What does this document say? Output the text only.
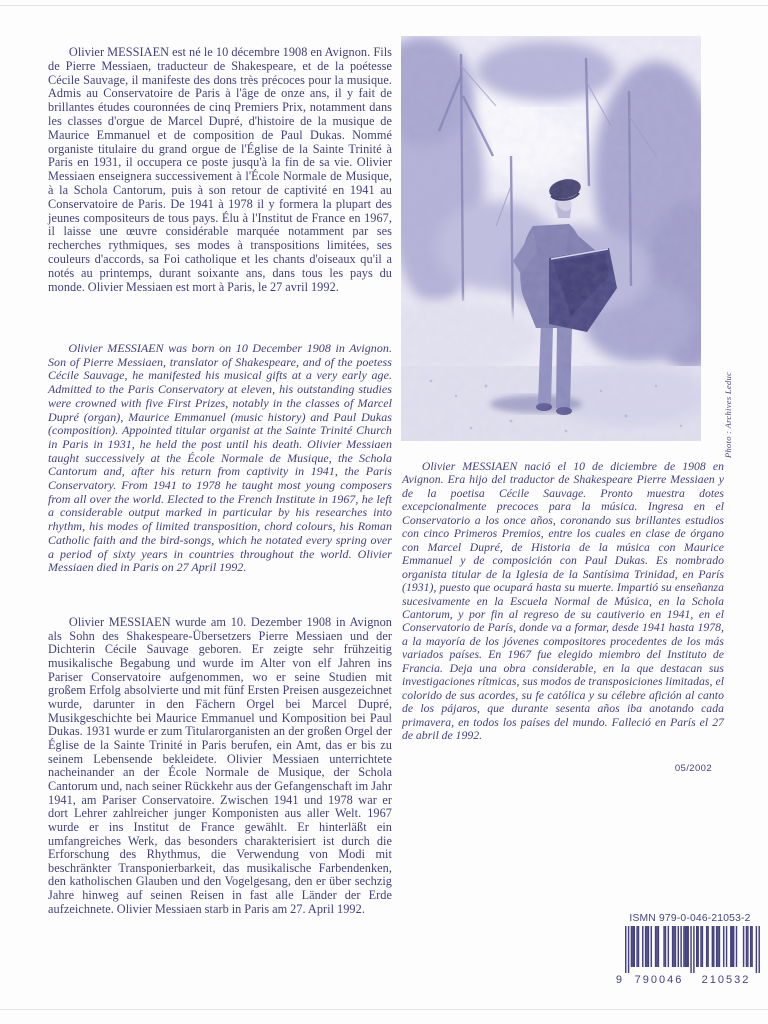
Olivier MESSIAEN est né le 10 décembre 1908 en Avignon. Fils de Pierre Messiaen, traducteur de Shakespeare, et de la poétesse Cécile Sauvage, il manifeste des dons très précoces pour la musique. Admis au Conservatoire de Paris à l'âge de onze ans, il y fait de brillantes études couronnées de cinq Premiers Prix, notamment dans les classes d'orgue de Marcel Dupré, d'histoire de la musique de Maurice Emmanuel et de composition de Paul Dukas. Nommé organiste titulaire du grand orgue de l'Église de la Sainte Trinité à Paris en 1931, il occupera ce poste jusqu'à la fin de sa vie. Olivier Messiaen enseignera successivement à l'École Normale de Musique, à la Schola Cantorum, puis à son retour de captivité en 1941 au Conservatoire de Paris. De 1941 à 1978 il y formera la plupart des jeunes compositeurs de tous pays. Élu à l'Institut de France en 1967, il laisse une œuvre considérable marquée notamment par ses recherches rythmiques, ses modes à transpositions limitées, ses couleurs d'accords, sa Foi catholique et les chants d'oiseaux qu'il a notés au printemps, durant soixante ans, dans tous les pays du monde. Olivier Messiaen est mort à Paris, le 27 avril 1992.

Olivier MESSIAEN was born on 10 December 1908 in Avignon. Son of Pierre Messiaen, translator of Shakespeare, and of the poetess Cécile Sauvage, he manifested his musical gifts at a very early age. Admitted to the Paris Conservatory at eleven, his outstanding studies were crowned with five First Prizes, notably in the classes of Marcel Dupré (organ), Maurice Emmanuel (music history) and Paul Dukas (composition). Appointed titular organist at the Sainte Trinité Church in Paris in 1931, he held the post until his death. Olivier Messiaen taught successively at the École Normale de Musique, the Schola Cantorum and, after his return from captivity in 1941, the Paris Conservatory. From 1941 to 1978 he taught most young composers from all over the world. Elected to the French Institute in 1967, he left a considerable output marked in particular by his researches into rhythm, his modes of limited transposition, chord colours, his Roman Catholic faith and the bird-songs, which he notated every spring over a period of sixty years in countries throughout the world. Olivier Messiaen died in Paris on 27 April 1992.

Olivier MESSIAEN wurde am 10. Dezember 1908 in Avignon als Sohn des Shakespeare-Übersetzers Pierre Messiaen und der Dichterin Cécile Sauvage geboren. Er zeigte sehr frühzeitig musikalische Begabung und wurde im Alter von elf Jahren ins Pariser Conservatoire aufgenommen, wo er seine Studien mit großem Erfolg absolvierte und mit fünf Ersten Preisen ausgezeichnet wurde, darunter in den Fächern Orgel bei Marcel Dupré, Musikgeschichte bei Maurice Emmanuel und Komposition bei Paul Dukas. 1931 wurde er zum Titularorganisten an der großen Orgel der Église de la Sainte Trinité in Paris berufen, ein Amt, das er bis zu seinem Lebensende bekleidete. Olivier Messiaen unterrichtete nacheinander an der École Normale de Musique, der Schola Cantorum und, nach seiner Rückkehr aus der Gefangenschaft im Jahr 1941, am Pariser Conservatoire. Zwischen 1941 und 1978 war er dort Lehrer zahlreicher junger Komponisten aus aller Welt. 1967 wurde er ins Institut de France gewählt. Er hinterläßt ein umfangreiches Werk, das besonders charakterisiert ist durch die Erforschung des Rhythmus, die Verwendung von Modi mit beschränkter Transponierbarkeit, das musikalische Farbendenken, den katholischen Glauben und den Vogelgesang, den er über sechzig Jahre hinweg auf seinen Reisen in fast alle Länder der Erde aufzeichnete. Olivier Messiaen starb in Paris am 27. April 1992.

Photo : Archives Leduc

Olivier MESSIAEN nació el 10 de diciembre de 1908 en Avignon. Era hijo del traductor de Shakespeare Pierre Messiaen y de la poetisa Cécile Sauvage. Pronto muestra dotes excepcionalmente precoces para la música. Ingresa en el Conservatorio a los once años, coronando sus brillantes estudios con cinco Primeros Premios, entre los cuales en clase de órgano con Marcel Dupré, de Historia de la música con Maurice Emmanuel y de composición con Paul Dukas. Es nombrado organista titular de la Iglesia de la Santísima Trinidad, en París (1931), puesto que ocupará hasta su muerte. Impartió su enseñanza sucesivamente en la Escuela Normal de Música, en la Schola Cantorum, y por fin al regreso de su cautiverio en 1941, en el Conservatorio de París, donde va a formar, desde 1941 hasta 1978, a la mayoría de los jóvenes compositores procedentes de los más variados países. En 1967 fue elegido miembro del Instituto de Francia. Deja una obra considerable, en la que destacan sus investigaciones rítmicas, sus modos de transposiciones limitadas, el colorido de sus acordes, su fe católica y su célebre afición al canto de los pájaros, que durante sesenta años iba anotando cada primavera, en todos los países del mundo. Falleció en París el 27 de abril de 1992.

05/2002
ISMN 979-0-046-21053-2
9 790046 210532
